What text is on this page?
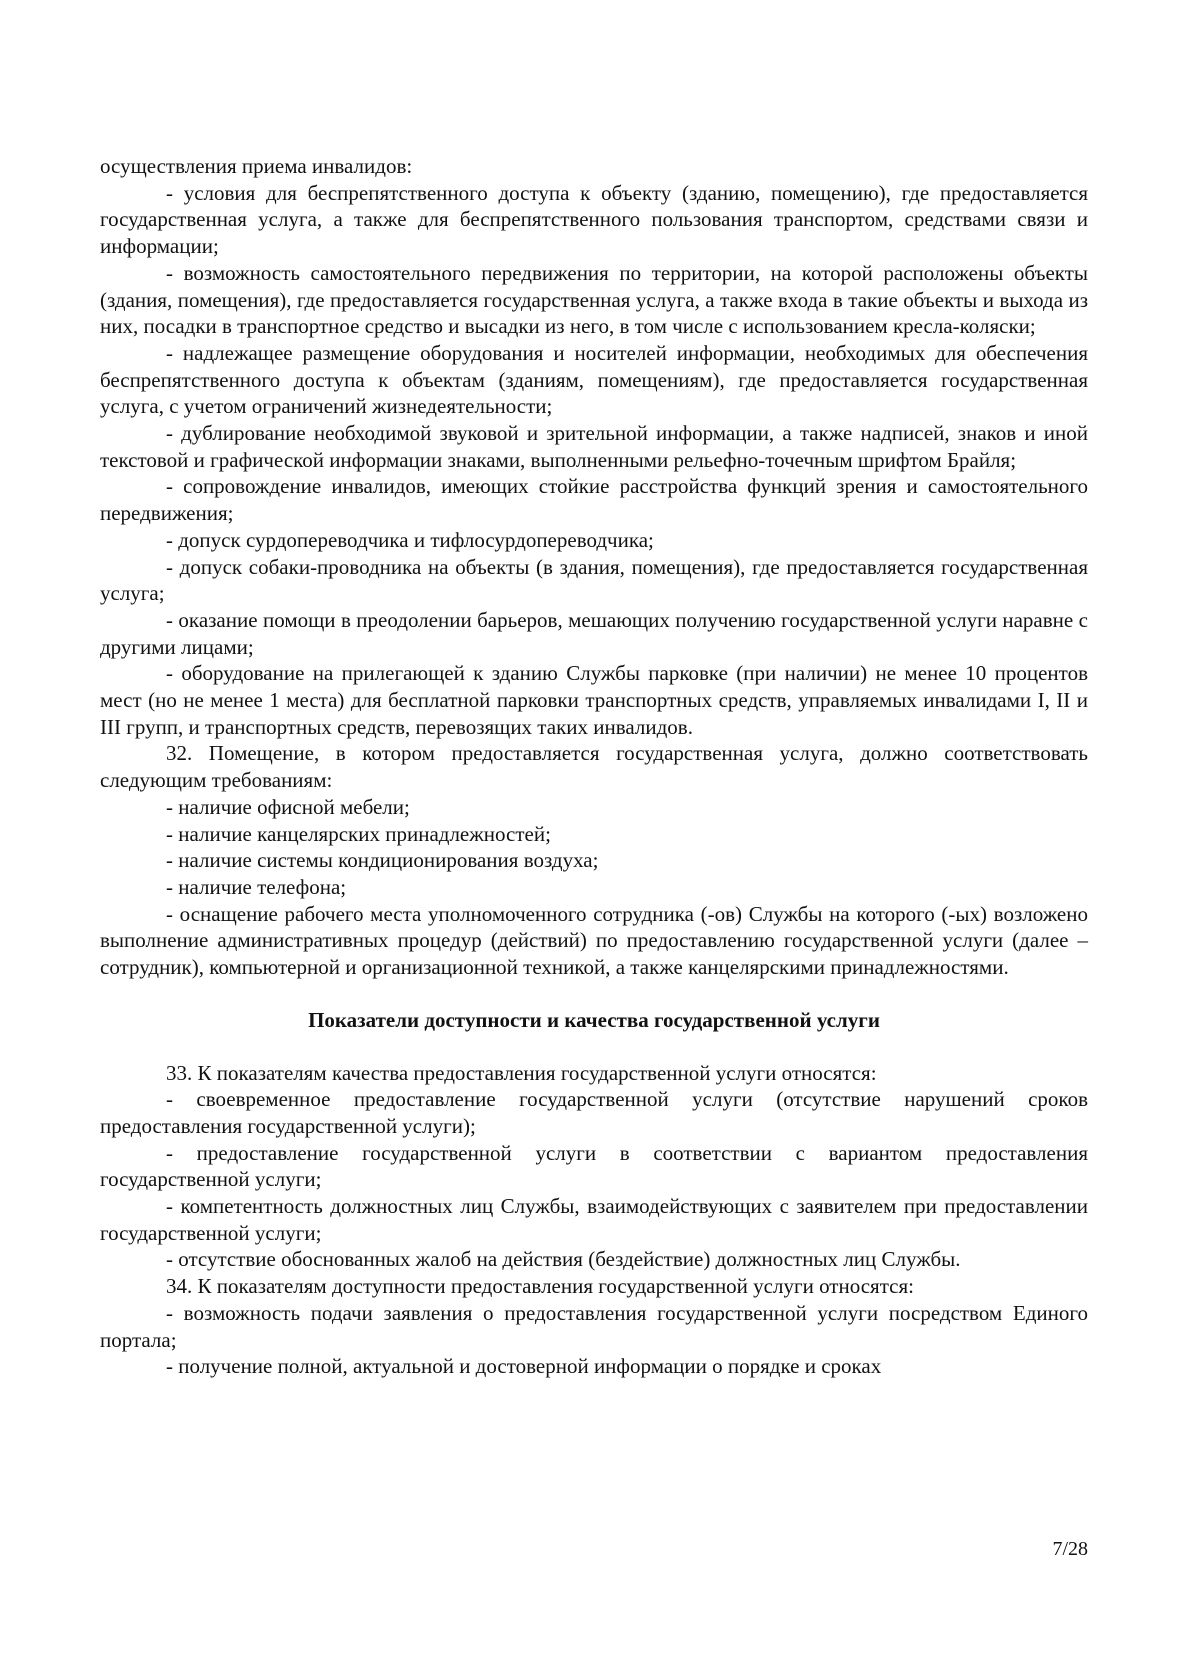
осуществления приема инвалидов:

- условия для беспрепятственного доступа к объекту (зданию, помещению), где предоставляется государственная услуга, а также для беспрепятственного пользования транспортом, средствами связи и информации;

- возможность самостоятельного передвижения по территории, на которой расположены объекты (здания, помещения), где предоставляется государственная услуга, а также входа в такие объекты и выхода из них, посадки в транспортное средство и высадки из него, в том числе с использованием кресла-коляски;

- надлежащее размещение оборудования и носителей информации, необходимых для обеспечения беспрепятственного доступа к объектам (зданиям, помещениям), где предоставляется государственная услуга, с учетом ограничений жизнедеятельности;

- дублирование необходимой звуковой и зрительной информации, а также надписей, знаков и иной текстовой и графической информации знаками, выполненными рельефно-точечным шрифтом Брайля;

- сопровождение инвалидов, имеющих стойкие расстройства функций зрения и самостоятельного передвижения;

- допуск сурдопереводчика и тифлосурдопереводчика;

- допуск собаки-проводника на объекты (в здания, помещения), где предоставляется государственная услуга;

- оказание помощи в преодолении барьеров, мешающих получению государственной услуги наравне с другими лицами;

- оборудование на прилегающей к зданию Службы парковке (при наличии) не менее 10 процентов мест (но не менее 1 места) для бесплатной парковки транспортных средств, управляемых инвалидами I, II и III групп, и транспортных средств, перевозящих таких инвалидов.

32. Помещение, в котором предоставляется государственная услуга, должно соответствовать следующим требованиям:

- наличие офисной мебели;

- наличие канцелярских принадлежностей;

- наличие системы кондиционирования воздуха;

- наличие телефона;

- оснащение рабочего места уполномоченного сотрудника (-ов) Службы на которого (-ых) возложено выполнение административных процедур (действий) по предоставлению государственной услуги (далее – сотрудник), компьютерной и организационной техникой, а также канцелярскими принадлежностями.

Показатели доступности и качества государственной услуги

33. К показателям качества предоставления государственной услуги относятся:

- своевременное предоставление государственной услуги (отсутствие нарушений сроков предоставления государственной услуги);

- предоставление государственной услуги в соответствии с вариантом предоставления государственной услуги;

- компетентность должностных лиц Службы, взаимодействующих с заявителем при предоставлении государственной услуги;

- отсутствие обоснованных жалоб на действия (бездействие) должностных лиц Службы.

34. К показателям доступности предоставления государственной услуги относятся:

- возможность подачи заявления о предоставления государственной услуги посредством Единого портала;

- получение полной, актуальной и достоверной информации о порядке и сроках

7/28
